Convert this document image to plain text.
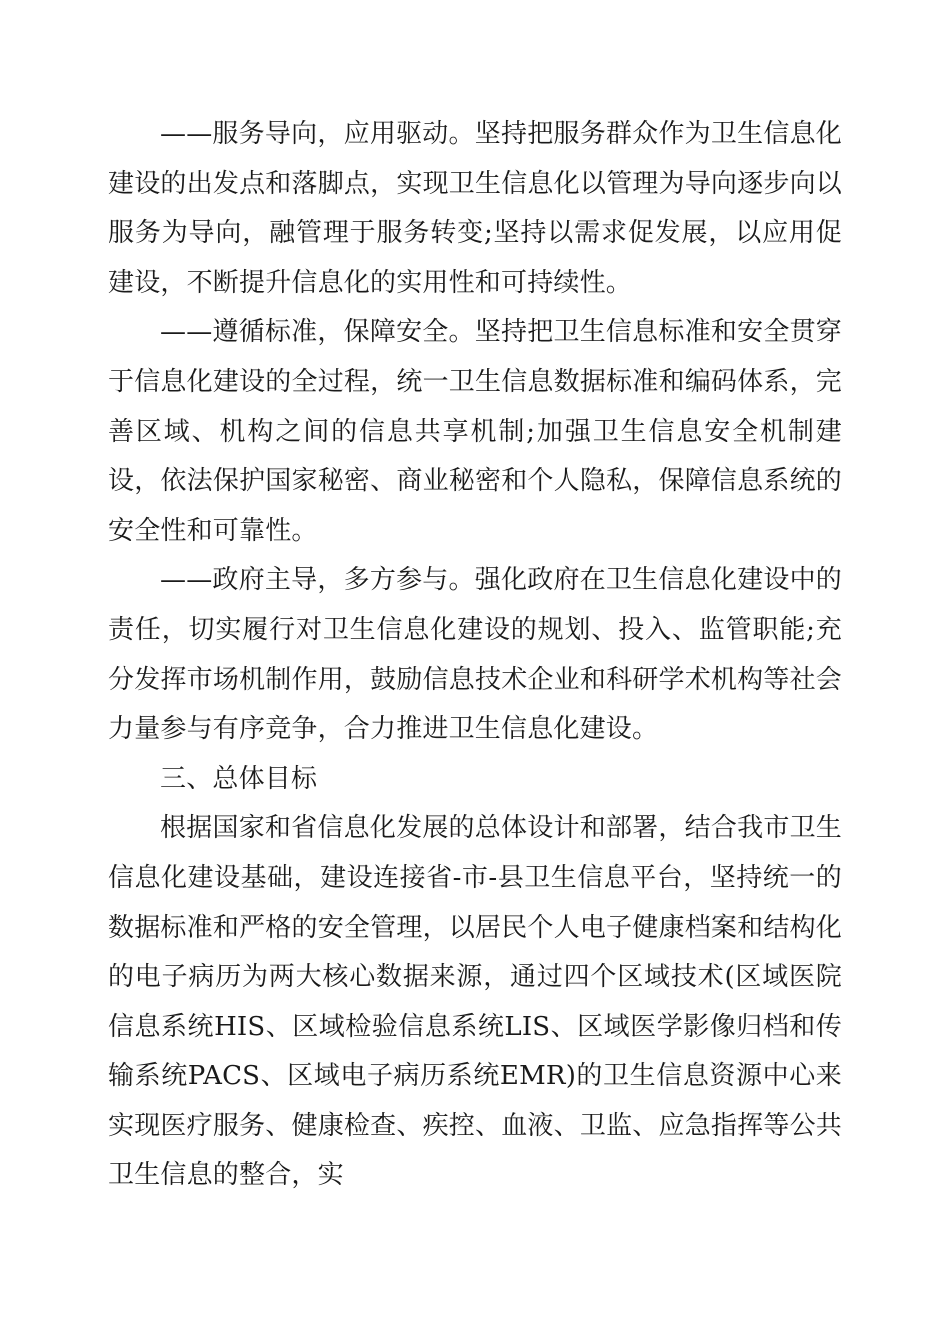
——服务导向，应用驱动。坚持把服务群众作为卫生信息化建设的出发点和落脚点，实现卫生信息化以管理为导向逐步向以服务为导向，融管理于服务转变;坚持以需求促发展，以应用促建设，不断提升信息化的实用性和可持续性。

——遵循标准，保障安全。坚持把卫生信息标准和安全贯穿于信息化建设的全过程，统一卫生信息数据标准和编码体系，完善区域、机构之间的信息共享机制;加强卫生信息安全机制建设，依法保护国家秘密、商业秘密和个人隐私，保障信息系统的安全性和可靠性。

——政府主导，多方参与。强化政府在卫生信息化建设中的责任，切实履行对卫生信息化建设的规划、投入、监管职能;充分发挥市场机制作用，鼓励信息技术企业和科研学术机构等社会力量参与有序竞争，合力推进卫生信息化建设。

三、总体目标

根据国家和省信息化发展的总体设计和部署，结合我市卫生信息化建设基础，建设连接省-市-县卫生信息平台，坚持统一的数据标准和严格的安全管理，以居民个人电子健康档案和结构化的电子病历为两大核心数据来源，通过四个区域技术(区域医院信息系统HIS、区域检验信息系统LIS、区域医学影像归档和传输系统PACS、区域电子病历系统EMR)的卫生信息资源中心来实现医疗服务、健康检查、疾控、血液、卫监、应急指挥等公共卫生信息的整合，实
